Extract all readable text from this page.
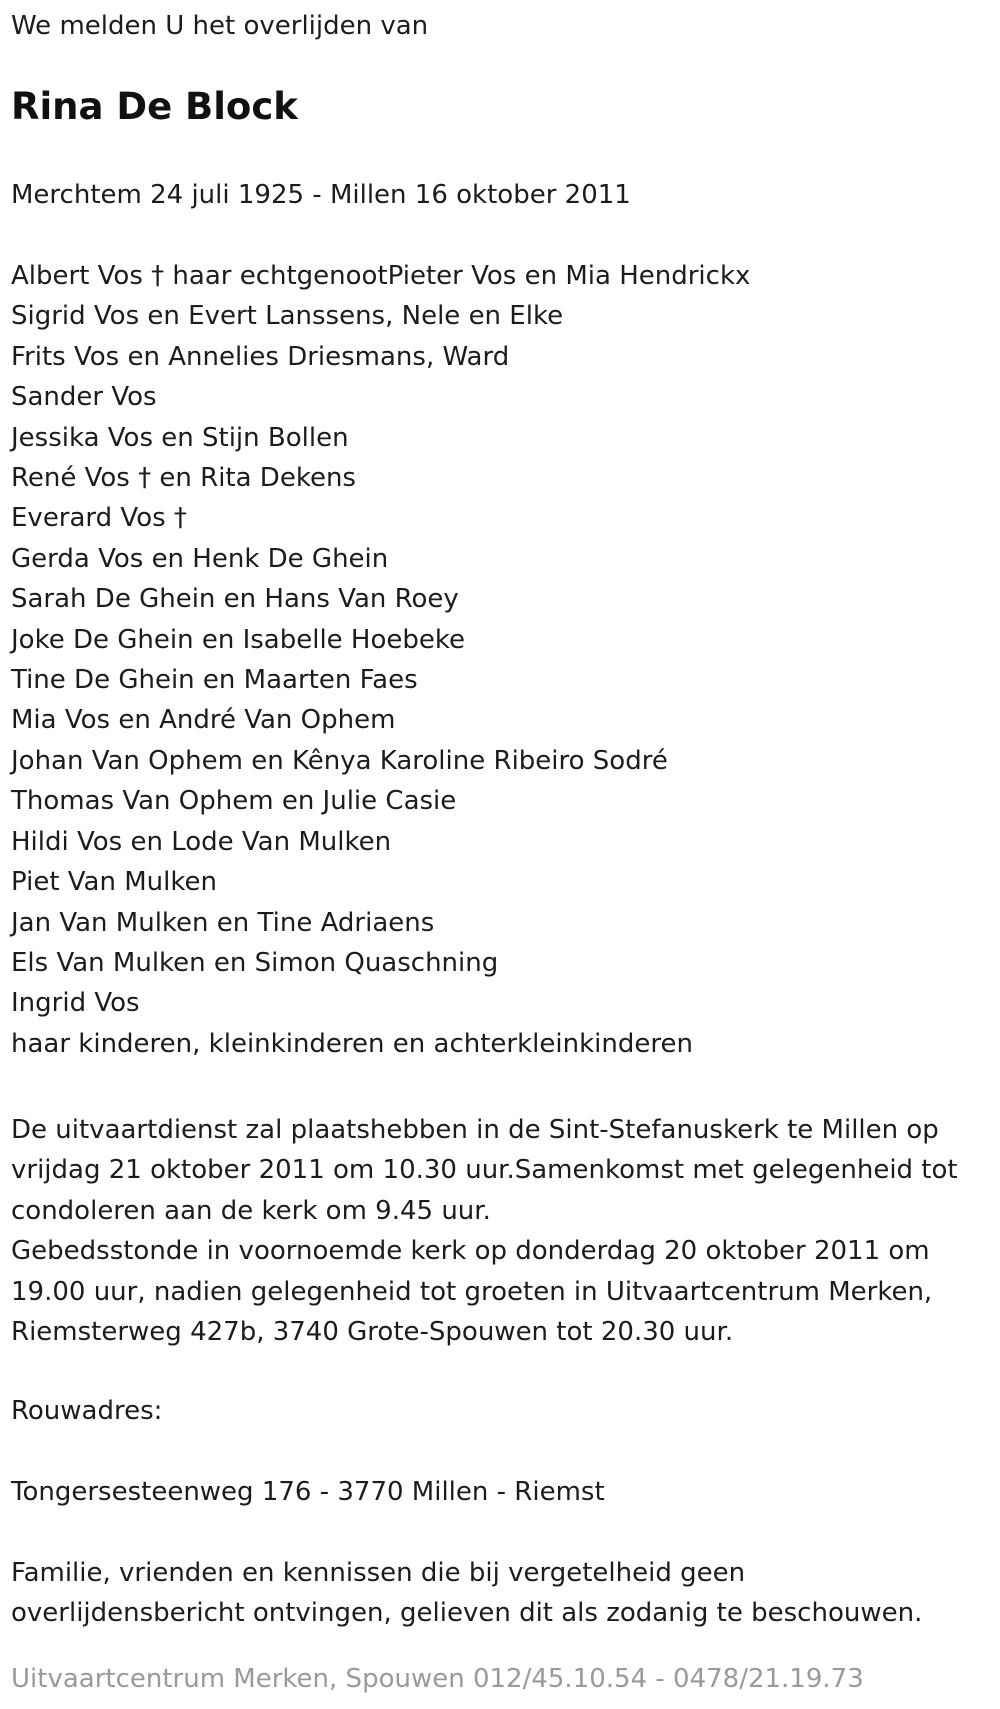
We melden U het overlijden van
Rina De Block
Merchtem 24 juli 1925 - Millen 16 oktober 2011
Albert Vos † haar echtgenootPieter Vos en Mia Hendrickx
Sigrid Vos en Evert Lanssens, Nele en Elke
Frits Vos en Annelies Driesmans, Ward
Sander Vos
Jessika Vos en Stijn Bollen
René Vos † en Rita Dekens
Everard Vos †
Gerda Vos en Henk De Ghein
Sarah De Ghein en Hans Van Roey
Joke De Ghein en Isabelle Hoebeke
Tine De Ghein en Maarten Faes
Mia Vos en André Van Ophem
Johan Van Ophem en Kênya Karoline Ribeiro Sodré
Thomas Van Ophem en Julie Casie
Hildi Vos en Lode Van Mulken
Piet Van Mulken
Jan Van Mulken en Tine Adriaens
Els Van Mulken en Simon Quaschning
Ingrid Vos
haar kinderen, kleinkinderen en achterkleinkinderen
De uitvaartdienst zal plaatshebben in de Sint-Stefanuskerk te Millen op
vrijdag 21 oktober 2011 om 10.30 uur.Samenkomst met gelegenheid tot
condoleren aan de kerk om 9.45 uur.
Gebedsstonde in voornoemde kerk op donderdag 20 oktober 2011 om
19.00 uur, nadien gelegenheid tot groeten in Uitvaartcentrum Merken,
Riemsterweg 427b, 3740 Grote-Spouwen tot 20.30 uur.
Rouwadres:
Tongersesteenweg 176 - 3770 Millen - Riemst
Familie, vrienden en kennissen die bij vergetelheid geen
overlijdensbericht ontvingen, gelieven dit als zodanig te beschouwen.
Uitvaartcentrum Merken, Spouwen 012/45.10.54 - 0478/21.19.73
